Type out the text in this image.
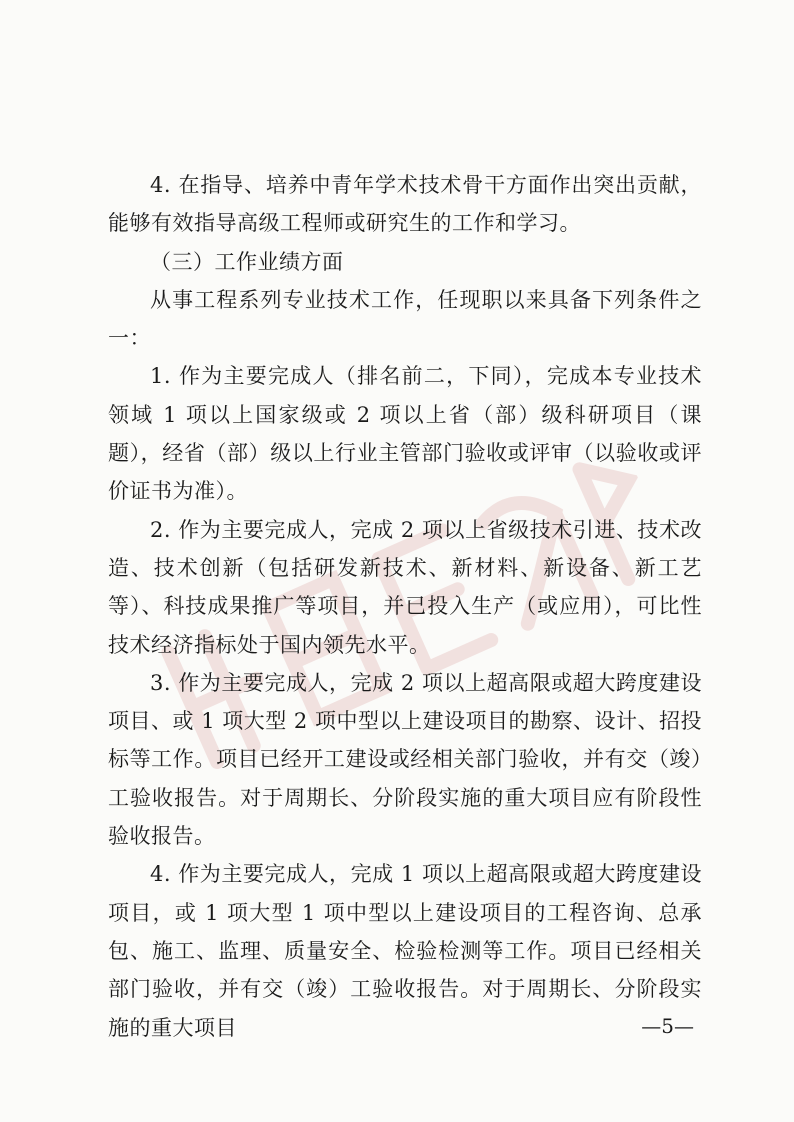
4. 在指导、培养中青年学术技术骨干方面作出突出贡献，能够有效指导高级工程师或研究生的工作和学习。

（三）工作业绩方面

从事工程系列专业技术工作，任现职以来具备下列条件之一：

1. 作为主要完成人（排名前二，下同），完成本专业技术领域 1 项以上国家级或 2 项以上省（部）级科研项目（课题），经省（部）级以上行业主管部门验收或评审（以验收或评价证书为准）。

2. 作为主要完成人，完成 2 项以上省级技术引进、技术改造、技术创新（包括研发新技术、新材料、新设备、新工艺等）、科技成果推广等项目，并已投入生产（或应用），可比性技术经济指标处于国内领先水平。

3. 作为主要完成人，完成 2 项以上超高限或超大跨度建设项目、或 1 项大型 2 项中型以上建设项目的勘察、设计、招投标等工作。项目已经开工建设或经相关部门验收，并有交（竣）工验收报告。对于周期长、分阶段实施的重大项目应有阶段性验收报告。

4. 作为主要完成人，完成 1 项以上超高限或超大跨度建设项目，或 1 项大型 1 项中型以上建设项目的工程咨询、总承包、施工、监理、质量安全、检验检测等工作。项目已经相关部门验收，并有交（竣）工验收报告。对于周期长、分阶段实施的重大项目	—5—
